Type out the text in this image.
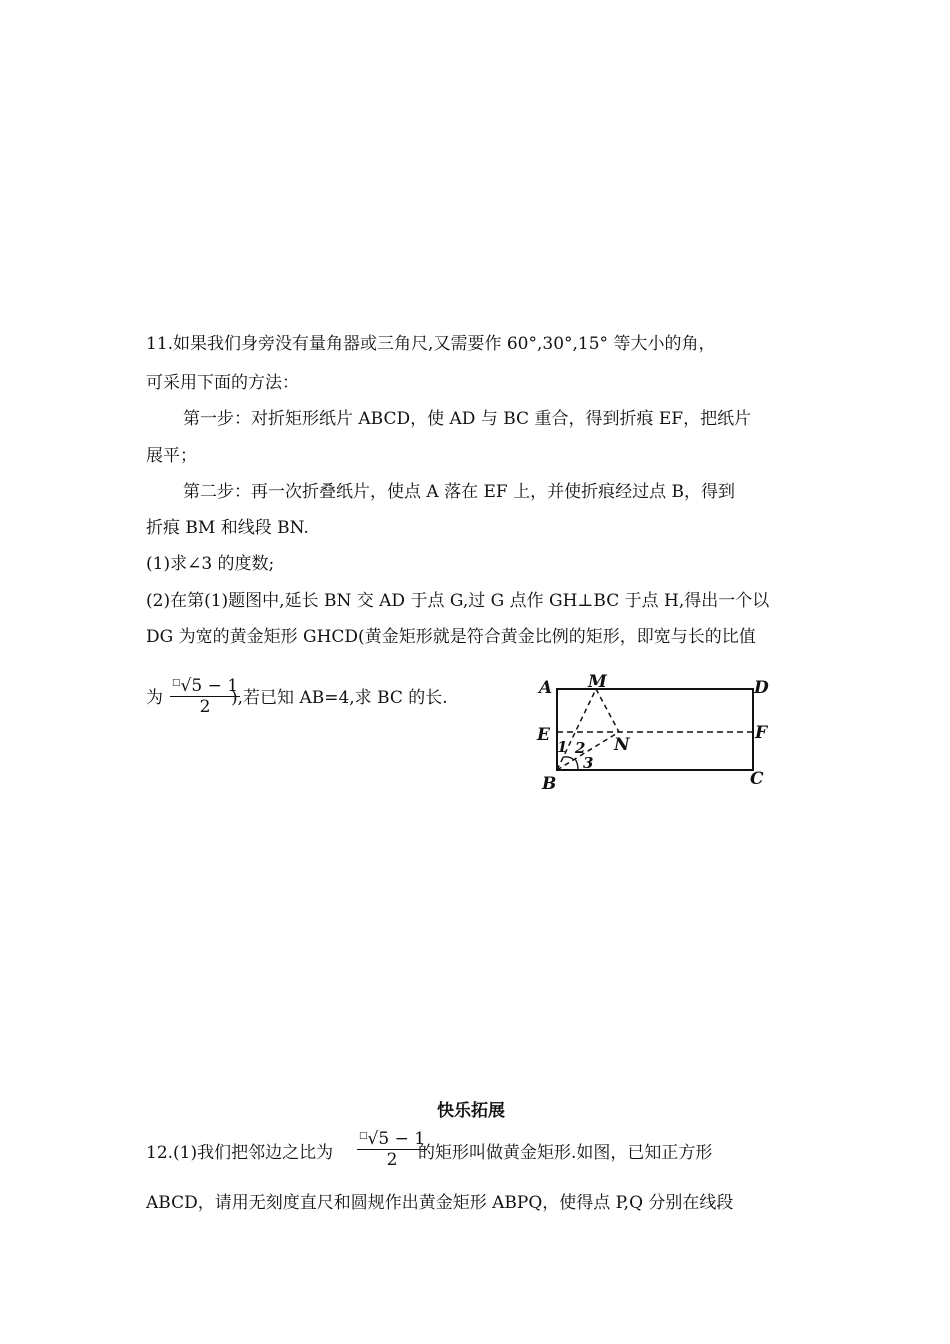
11.如果我们身旁没有量角器或三角尺,又需要作 60°,30°,15° 等大小的角，
可采用下面的方法：
第一步：对折矩形纸片 ABCD，使 AD 与 BC 重合，得到折痕 EF，把纸片
展平；
第二步：再一次折叠纸片，使点 A 落在 EF 上，并使折痕经过点 B，得到
折痕 BM 和线段 BN.
(1)求∠3 的度数;
(2)在第(1)题图中,延长 BN 交 AD 于点 G,过 G 点作 GH⊥BC 于点 H,得出一个以
DG 为宽的黄金矩形 GHCD(黄金矩形就是符合黄金比例的矩形，即宽与长的比值
为 $\frac{^□√5 - 1}{2}$
),若已知 AB=4,求 BC 的长.	A M	D
E	F
N
B	C
1 2
3
快乐拓展
12.(1)我们把邻边之比为	$\frac{^□√5 - 1}{2}$
的矩形叫做黄金矩形.如图，已知正方形
ABCD，请用无刻度直尺和圆规作出黄金矩形 ABPQ，使得点 P,Q 分别在线段
